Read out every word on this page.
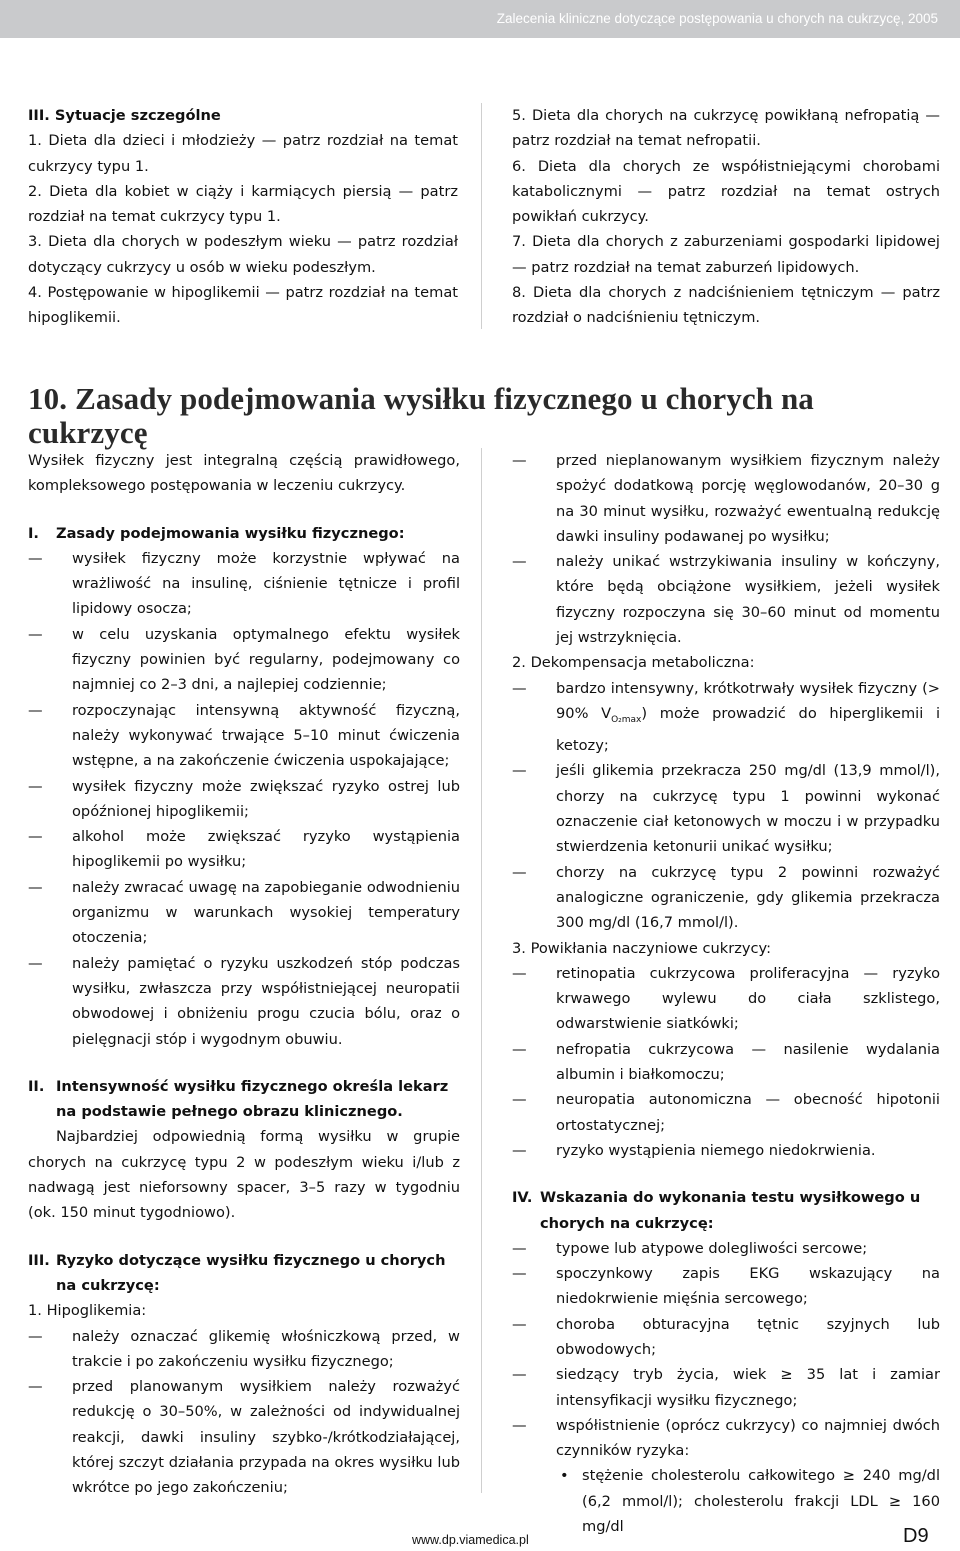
Zalecenia kliniczne dotyczące postępowania u chorych na cukrzycę, 2005

III. Sytuacje szczególne

1. Dieta dla dzieci i młodzieży — patrz rozdział na temat cukrzycy typu 1.

2. Dieta dla kobiet w ciąży i karmiących piersią — patrz rozdział na temat cukrzycy typu 1.

3. Dieta dla chorych w podeszłym wieku — patrz rozdział dotyczący cukrzycy u osób w wieku podeszłym.

4. Postępowanie w hipoglikemii — patrz rozdział na temat hipoglikemii.

5. Dieta dla chorych na cukrzycę powikłaną nefropatią — patrz rozdział na temat nefropatii.

6. Dieta dla chorych ze współistniejącymi chorobami katabolicznymi — patrz rozdział na temat ostrych powikłań cukrzycy.

7. Dieta dla chorych z zaburzeniami gospodarki lipidowej — patrz rozdział na temat zaburzeń lipidowych.

8. Dieta dla chorych z nadciśnieniem tętniczym — patrz rozdział o nadciśnieniu tętniczym.

10. Zasady podejmowania wysiłku fizycznego u chorych na cukrzycę

Wysiłek fizyczny jest integralną częścią prawidłowego, kompleksowego postępowania w leczeniu cukrzycy.

I. Zasady podejmowania wysiłku fizycznego:

— wysiłek fizyczny może korzystnie wpływać na wrażliwość na insulinę, ciśnienie tętnicze i profil lipidowy osocza;

— w celu uzyskania optymalnego efektu wysiłek fizyczny powinien być regularny, podejmowany co najmniej co 2–3 dni, a najlepiej codziennie;

— rozpoczynając intensywną aktywność fizyczną, należy wykonywać trwające 5–10 minut ćwiczenia wstępne, a na zakończenie ćwiczenia uspokajające;

— wysiłek fizyczny może zwiększać ryzyko ostrej lub opóźnionej hipoglikemii;

— alkohol może zwiększać ryzyko wystąpienia hipoglikemii po wysiłku;

— należy zwracać uwagę na zapobieganie odwodnieniu organizmu w warunkach wysokiej temperatury otoczenia;

— należy pamiętać o ryzyku uszkodzeń stóp podczas wysiłku, zwłaszcza przy współistniejącej neuropatii obwodowej i obniżeniu progu czucia bólu, oraz o pielęgnacji stóp i wygodnym obuwiu.

II. Intensywność wysiłku fizycznego określa lekarz na podstawie pełnego obrazu klinicznego.

Najbardziej odpowiednią formą wysiłku w grupie chorych na cukrzycę typu 2 w podeszłym wieku i/lub z nadwagą jest nieforsowny spacer, 3–5 razy w tygodniu (ok. 150 minut tygodniowo).

III. Ryzyko dotyczące wysiłku fizycznego u chorych na cukrzycę:

1. Hipoglikemia:

— należy oznaczać glikemię włośniczkową przed, w trakcie i po zakończeniu wysiłku fizycznego;

— przed planowanym wysiłkiem należy rozważyć redukcję o 30–50%, w zależności od indywidualnej reakcji, dawki insuliny szybko-/krótkodziałającej, której szczyt działania przypada na okres wysiłku lub wkrótce po jego zakończeniu;

— przed nieplanowanym wysiłkiem fizycznym należy spożyć dodatkową porcję węglowodanów, 20–30 g na 30 minut wysiłku, rozważyć ewentualną redukcję dawki insuliny podawanej po wysiłku;

— należy unikać wstrzykiwania insuliny w kończyny, które będą obciążone wysiłkiem, jeżeli wysiłek fizyczny rozpoczyna się 30–60 minut od momentu jej wstrzyknięcia.

2. Dekompensacja metaboliczna:

— bardzo intensywny, krótkotrwały wysiłek fizyczny (> 90% $V_{O_2max}$) może prowadzić do hiperglikemii i ketozy;

— jeśli glikemia przekracza 250 mg/dl (13,9 mmol/l), chorzy na cukrzycę typu 1 powinni wykonać oznaczenie ciał ketonowych w moczu i w przypadku stwierdzenia ketonurii unikać wysiłku;

— chorzy na cukrzycę typu 2 powinni rozważyć analogiczne ograniczenie, gdy glikemia przekracza 300 mg/dl (16,7 mmol/l).

3. Powikłania naczyniowe cukrzycy:

— retinopatia cukrzycowa proliferacyjna — ryzyko krwawego wylewu do ciała szklistego, odwarstwienie siatkówki;

— nefropatia cukrzycowa — nasilenie wydalania albumin i białkomoczu;

— neuropatia autonomiczna — obecność hipotonii ortostatycznej;

— ryzyko wystąpienia niemego niedokrwienia.

IV. Wskazania do wykonania testu wysiłkowego u chorych na cukrzycę:

— typowe lub atypowe dolegliwości sercowe;

— spoczynkowy zapis EKG wskazujący na niedokrwienie mięśnia sercowego;

— choroba obturacyjna tętnic szyjnych lub obwodowych;

— siedzący tryb życia, wiek ≥ 35 lat i zamiar intensyfikacji wysiłku fizycznego;

— współistnienie (oprócz cukrzycy) co najmniej dwóch czynników ryzyka:

• stężenie cholesterolu całkowitego ≥ 240 mg/dl (6,2 mmol/l); cholesterolu frakcji LDL ≥ 160 mg/dl

www.dp.viamedica.pl	D9
